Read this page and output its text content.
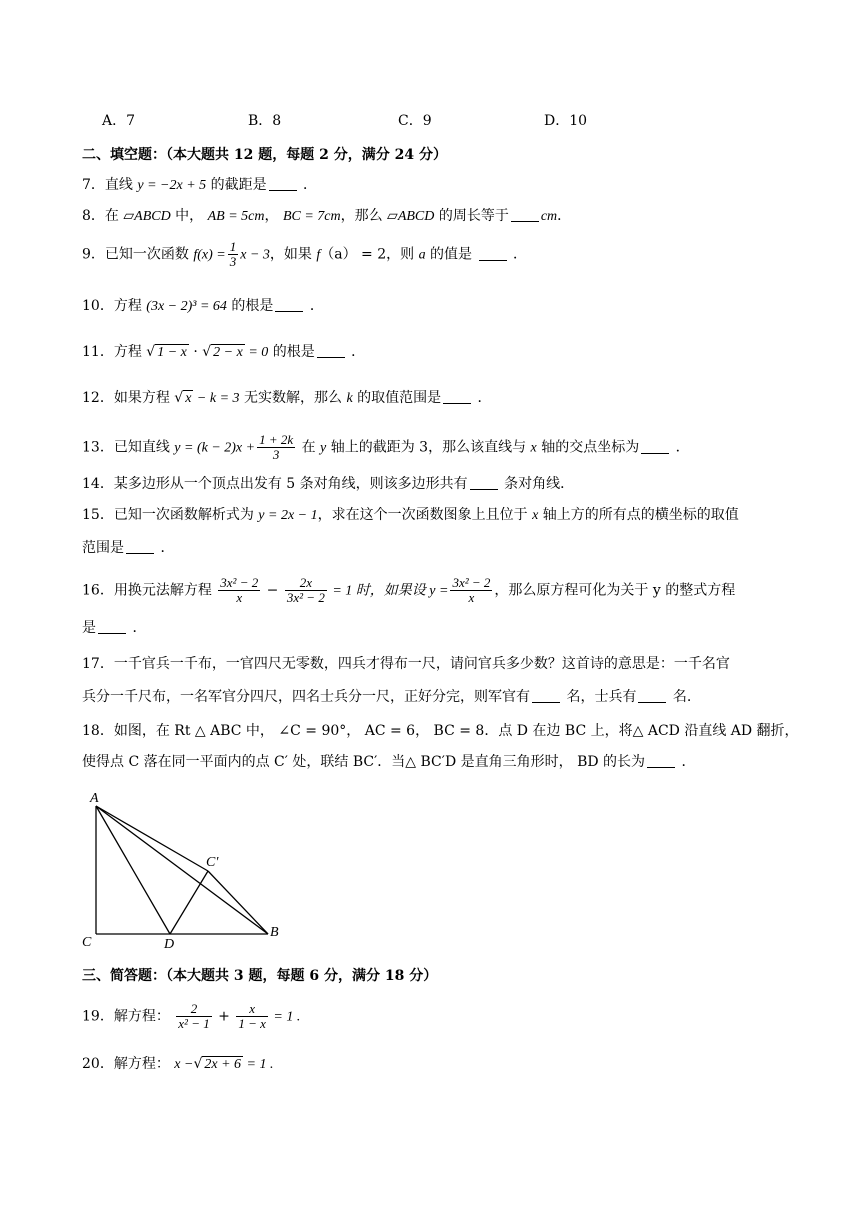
A．7	B．8	C．9	D．10
二、填空题：（本大题共 12 题，每题 2 分，满分 24 分）
7．直线 y = −2x + 5 的截距是 ．
8．在 ▱ABCD 中， AB = 5cm， BC = 7cm，那么 ▱ABCD 的周长等于 cm．
9．已知一次函数 $f(x) = \frac{1}{3}$ x − 3，如果 f（a） = 2，则 a 的值是  ．
10．方程 (3x − 2)³ = 64 的根是 ．
11．方程 √ 1 − x · √ 2 − x = 0 的根是 ．
12．如果方程 √ x − k = 3 无实数解，那么 k 的取值范围是 ．
13．已知直线 $y = (k - 2)x + \frac{1 + 2k}{3}$ 在 y 轴上的截距为 3，那么该直线与 x 轴的交点坐标为 ．
14．某多边形从一个顶点出发有 5 条对角线，则该多边形共有 条对角线．
15．已知一次函数解析式为 y = 2x − 1，求在这个一次函数图象上且位于 x 轴上方的所有点的横坐标的取值
范围是 ．
16．用换元法解方程 $\frac{\text{3x² − 2}}{x} - \frac{2x}{\text{3x² − 2}} = 1$ 时，如果设 $y = \frac{\text{3x² − 2}}{x}$ ，那么原方程可化为关于 y 的整式方程
是 ．
17．一千官兵一千布，一官四尺无零数，四兵才得布一尺，请问官兵多少数？这首诗的意思是：一千名官
兵分一千尺布，一名军官分四尺，四名士兵分一尺，正好分完，则军官有 名，士兵有 名.
18．如图，在 Rt △ ABC 中， ∠C = 90°， AC = 6， BC = 8．点 D 在边 BC 上，将△ ACD 沿直线 AD 翻折，
使得点 C 落在同一平面内的点 C′ 处，联结 BC′．当△ BC′D 是直角三角形时， BD 的长为 ．
A
C	D
B
C′
三、简答题：（本大题共 3 题，每题 6 分，满分 18 分）
19．解方程： $\frac{2}{\text{x² − 1}} + \frac{x}{1 - x} = 1$ .
20．解方程： x −√ 2x + 6 = 1 .
